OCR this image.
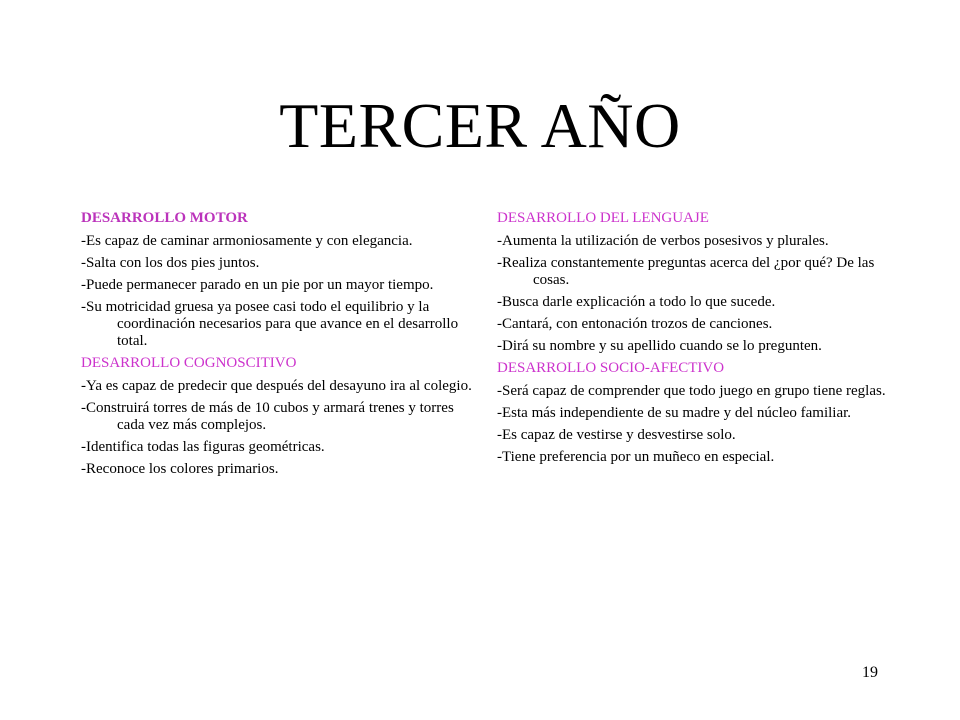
TERCER AÑO
DESARROLLO MOTOR
-Es capaz de caminar armoniosamente y con elegancia.
-Salta con los dos pies juntos.
-Puede permanecer parado en un pie por un mayor tiempo.
-Su motricidad gruesa ya posee casi todo el equilibrio y la coordinación necesarios para que avance en el desarrollo total.
DESARROLLO COGNOSCITIVO
-Ya es capaz de predecir que después del desayuno ira al colegio.
-Construirá torres de más de 10 cubos y armará trenes y torres cada vez más complejos.
-Identifica todas las figuras geométricas.
-Reconoce los colores primarios.
DESARROLLO DEL LENGUAJE
-Aumenta la utilización de verbos posesivos y plurales.
-Realiza constantemente preguntas acerca del ¿por qué? De las cosas.
-Busca darle explicación a todo lo que sucede.
-Cantará, con entonación trozos de canciones.
-Dirá su nombre y su apellido cuando se lo pregunten.
DESARROLLO SOCIO-AFECTIVO
-Será capaz de comprender que todo juego en grupo tiene reglas.
-Esta más independiente de su madre y del núcleo familiar.
-Es capaz de vestirse y desvestirse solo.
-Tiene preferencia por un muñeco en especial.
19
